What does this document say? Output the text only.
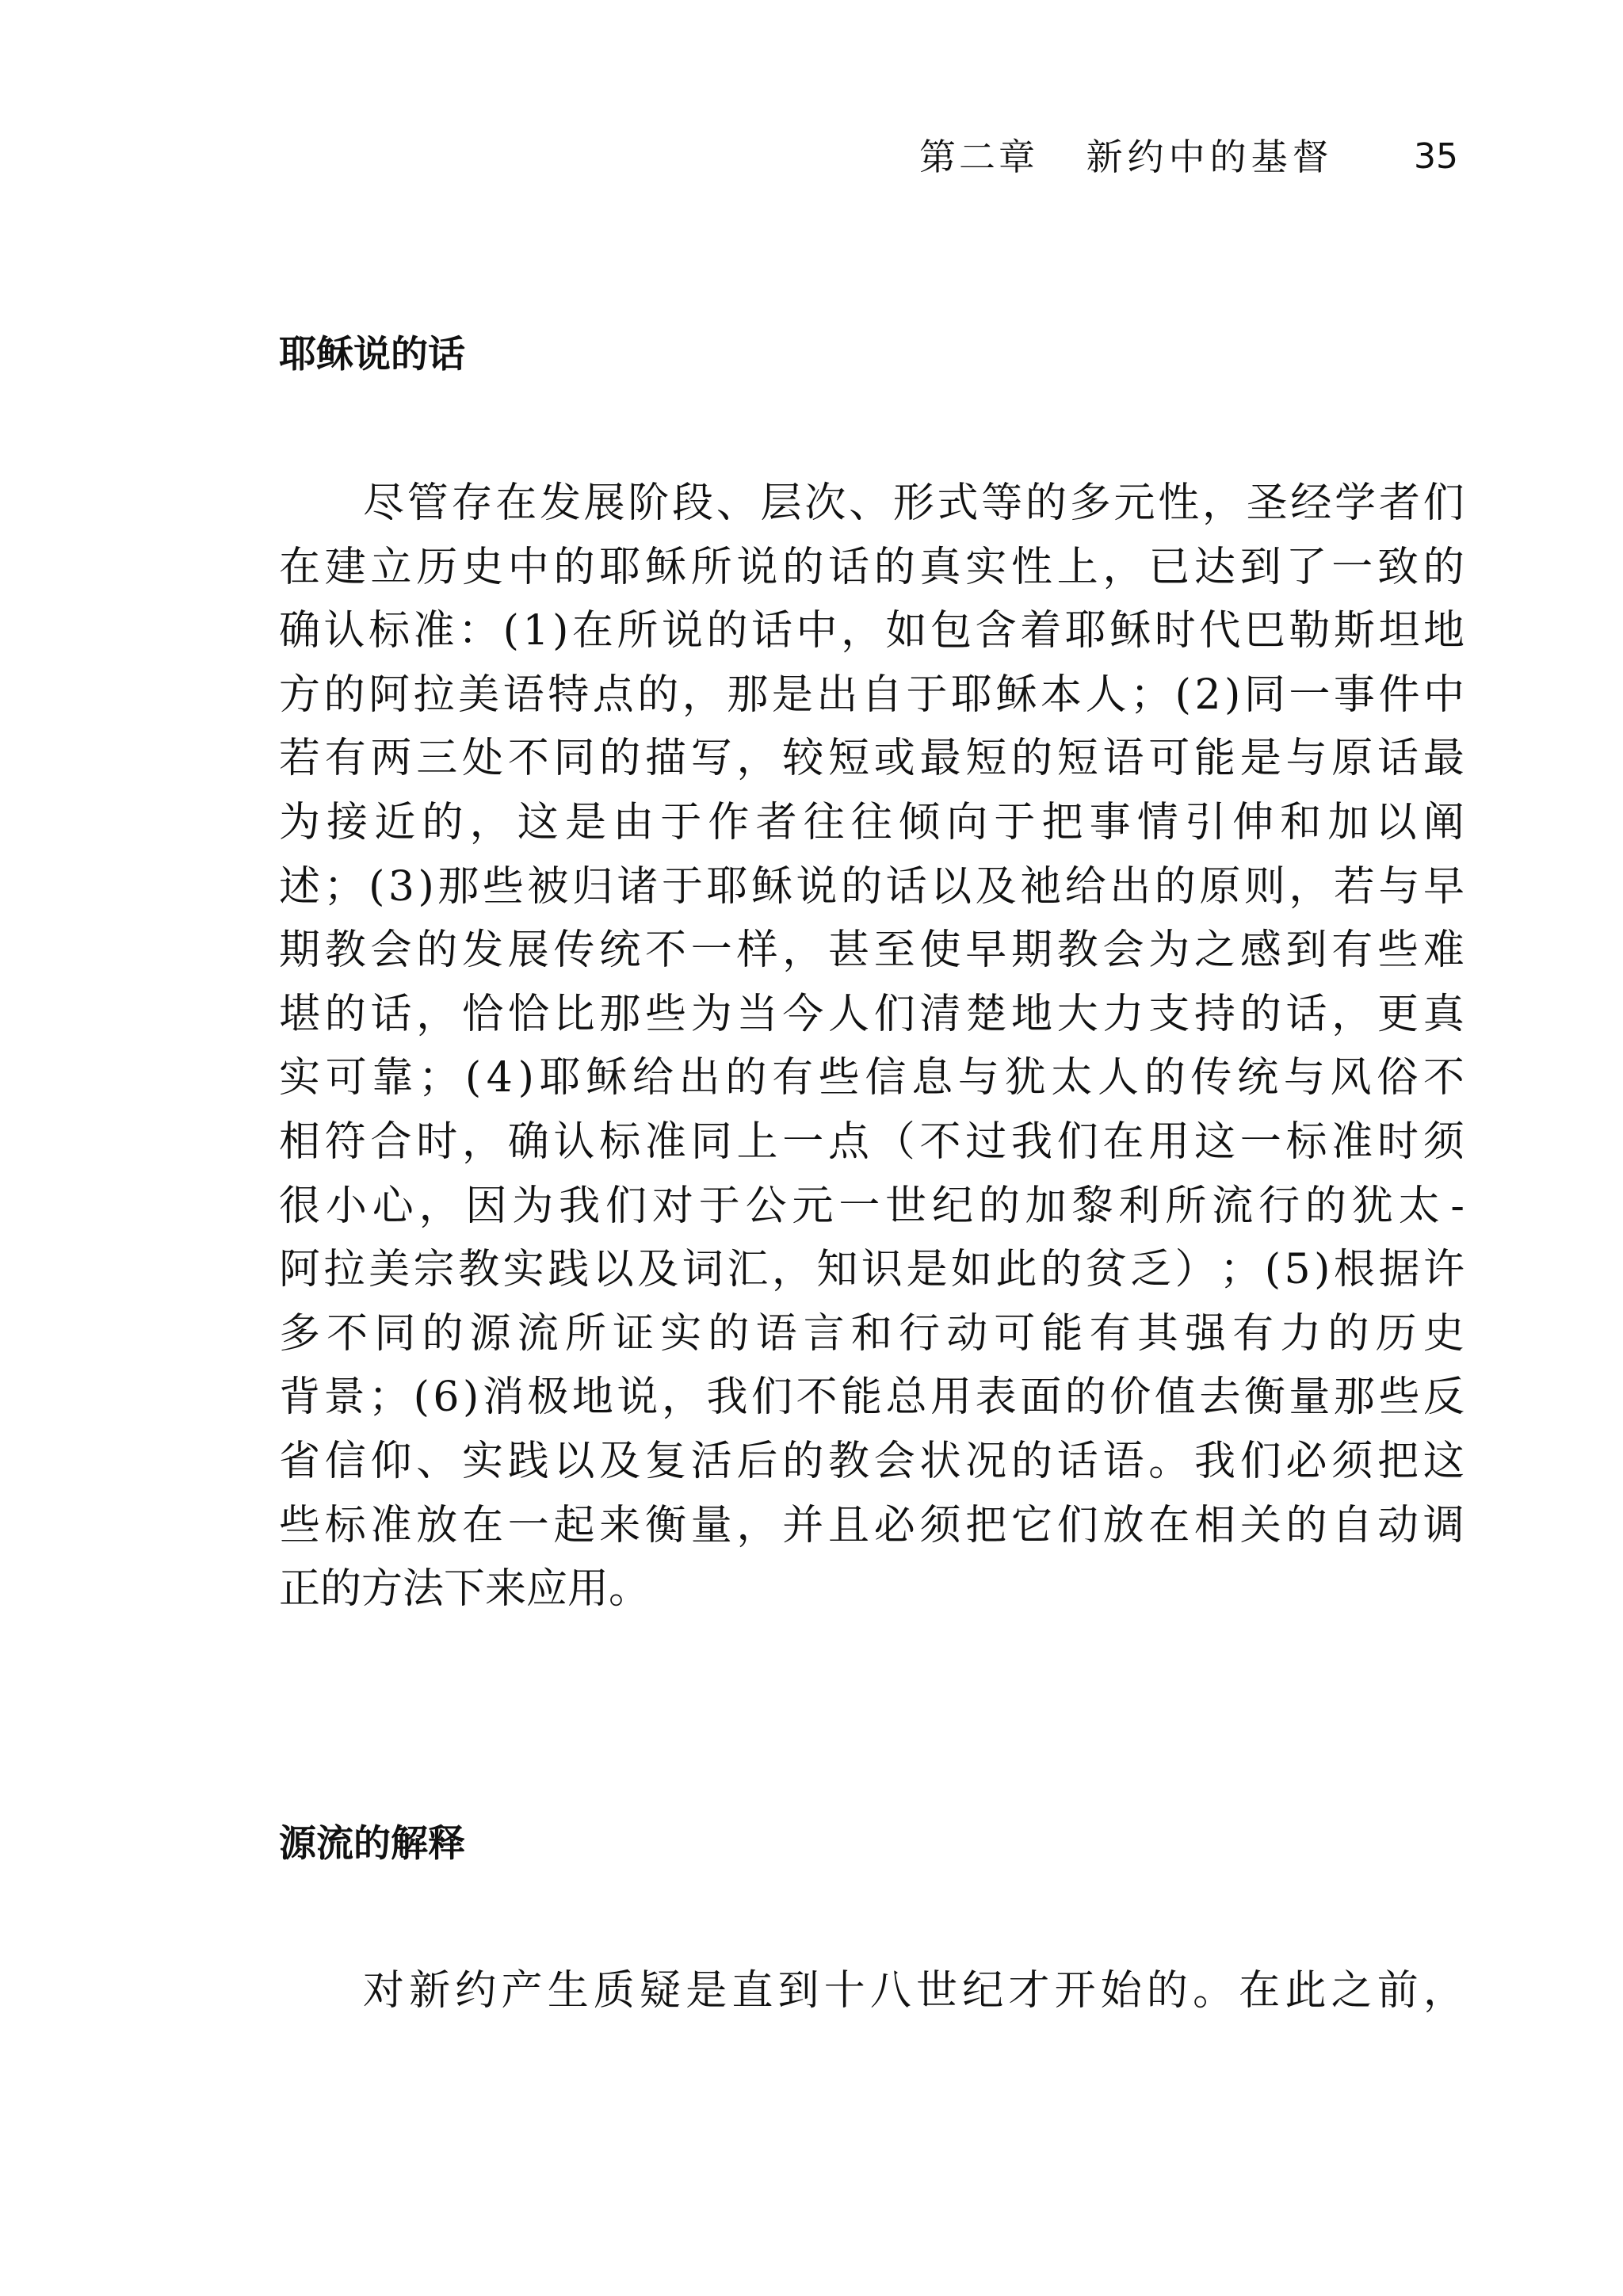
第二章 新约中的基督 35
耶稣说的话
尽 管 存 在 发 展 阶 段 、 层 次 、 形 式 等 的 多 元 性 ， 圣 经 学 者 们
在 建 立 历 史 中 的 耶 稣 所 说 的 话 的 真 实 性 上 ， 已 达 到 了 一 致 的
确 认 标 准 ： ( 1 ) 在 所 说 的 话 中 ， 如 包 含 着 耶 稣 时 代 巴 勒 斯 坦 地
方 的 阿 拉 美 语 特 点 的 ， 那 是 出 自 于 耶 稣 本 人 ； ( 2 ) 同 一 事 件 中
若 有 两 三 处 不 同 的 描 写 ， 较 短 或 最 短 的 短 语 可 能 是 与 原 话 最
为 接 近 的 ， 这 是 由 于 作 者 往 往 倾 向 于 把 事 情 引 伸 和 加 以 阐
述 ； ( 3 ) 那 些 被 归 诸 于 耶 稣 说 的 话 以 及 祂 给 出 的 原 则 ， 若 与 早
期 教 会 的 发 展 传 统 不 一 样 ， 甚 至 使 早 期 教 会 为 之 感 到 有 些 难
堪 的 话 ， 恰 恰 比 那 些 为 当 今 人 们 清 楚 地 大 力 支 持 的 话 ， 更 真
实 可 靠 ； ( 4 ) 耶 稣 给 出 的 有 些 信 息 与 犹 太 人 的 传 统 与 风 俗 不
相 符 合 时 ， 确 认 标 准 同 上 一 点 （ 不 过 我 们 在 用 这 一 标 准 时 须
很 小 心 ， 因 为 我 们 对 于 公 元 一 世 纪 的 加 黎 利 所 流 行 的 犹 太 -
阿 拉 美 宗 教 实 践 以 及 词 汇 ， 知 识 是 如 此 的 贫 乏 ） ； ( 5 ) 根 据 许
多 不 同 的 源 流 所 证 实 的 语 言 和 行 动 可 能 有 其 强 有 力 的 历 史
背 景 ； ( 6 ) 消 极 地 说 ， 我 们 不 能 总 用 表 面 的 价 值 去 衡 量 那 些 反
省 信 仰 、 实 践 以 及 复 活 后 的 教 会 状 况 的 话 语 。 我 们 必 须 把 这
些 标 准 放 在 一 起 来 衡 量 ， 并 且 必 须 把 它 们 放 在 相 关 的 自 动 调
正的方法下来应用。
源流的解释
对 新 约 产 生 质 疑 是 直 到 十 八 世 纪 才 开 始 的 。 在 此 之 前 ，
